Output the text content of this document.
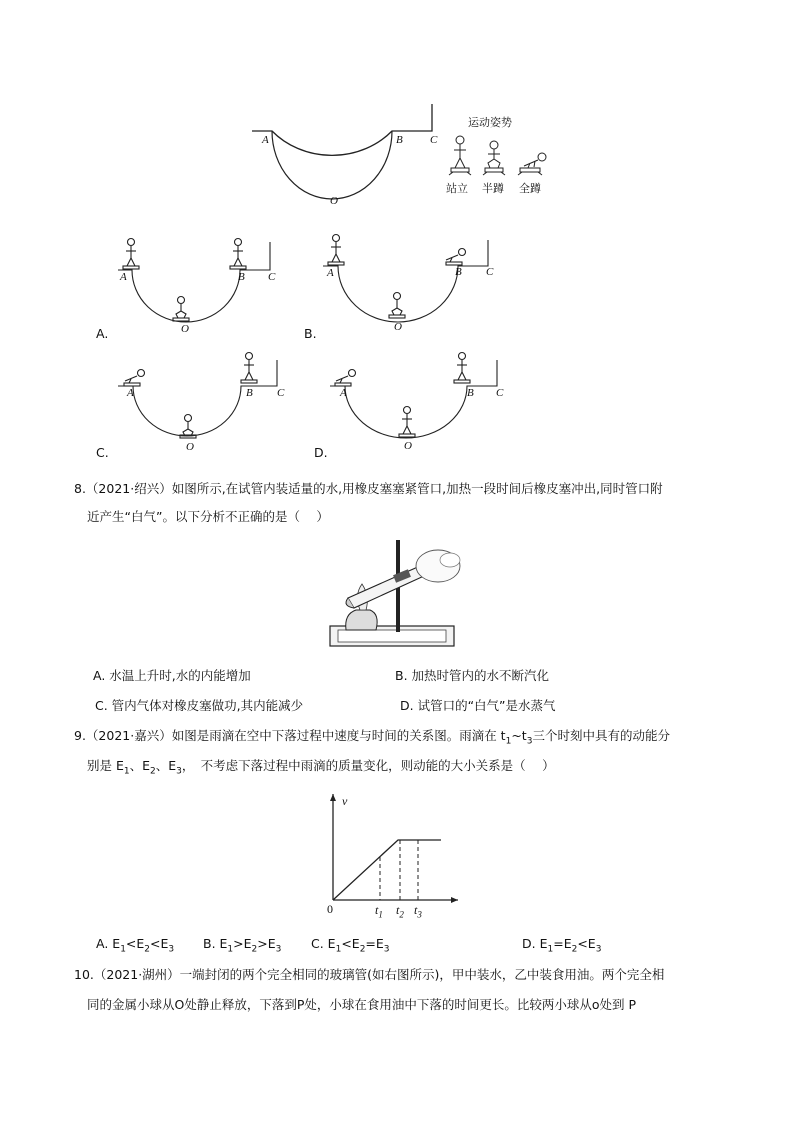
A	B C
O
运动姿势
站立 半蹲 全蹲
A	B C
O
A.
A	B C
O
B.
A	B C
O
C.
A	B C
O
D.
8.（2021·绍兴）如图所示,在试管内装适量的水,用橡皮塞塞紧管口,加热一段时间后橡皮塞冲出,同时管口附
近产生“白气”。以下分析不正确的是（　 ）
A. 水温上升时,水的内能增加	B. 加热时管内的水不断汽化
C. 管内气体对橡皮塞做功,其内能减少	D. 试管口的“白气”是水蒸气
9.（2021·嘉兴）如图是雨滴在空中下落过程中速度与时间的关系图。雨滴在 $t_1\sim t_3$三个时刻中具有的动能分
别是 $E_1$、$E_2$、$E_3$，　不考虑下落过程中雨滴的质量变化，则动能的大小关系是（　 ）
v
0	$t_1$ $t_2$ $t_3$
A. $E_1<E_2<E_3$ B. $E_1>E_2>E_3$ C. $E_1<E_2=E_3$	D. $E_1=E_2<E_3$
10.（2021·湖州）一端封闭的两个完全相同的玻璃管(如右图所示)，甲中装水，乙中装食用油。两个完全相
同的金属小球从O处静止释放，下落到P处，小球在食用油中下落的时间更长。比较两小球从o处到 P
